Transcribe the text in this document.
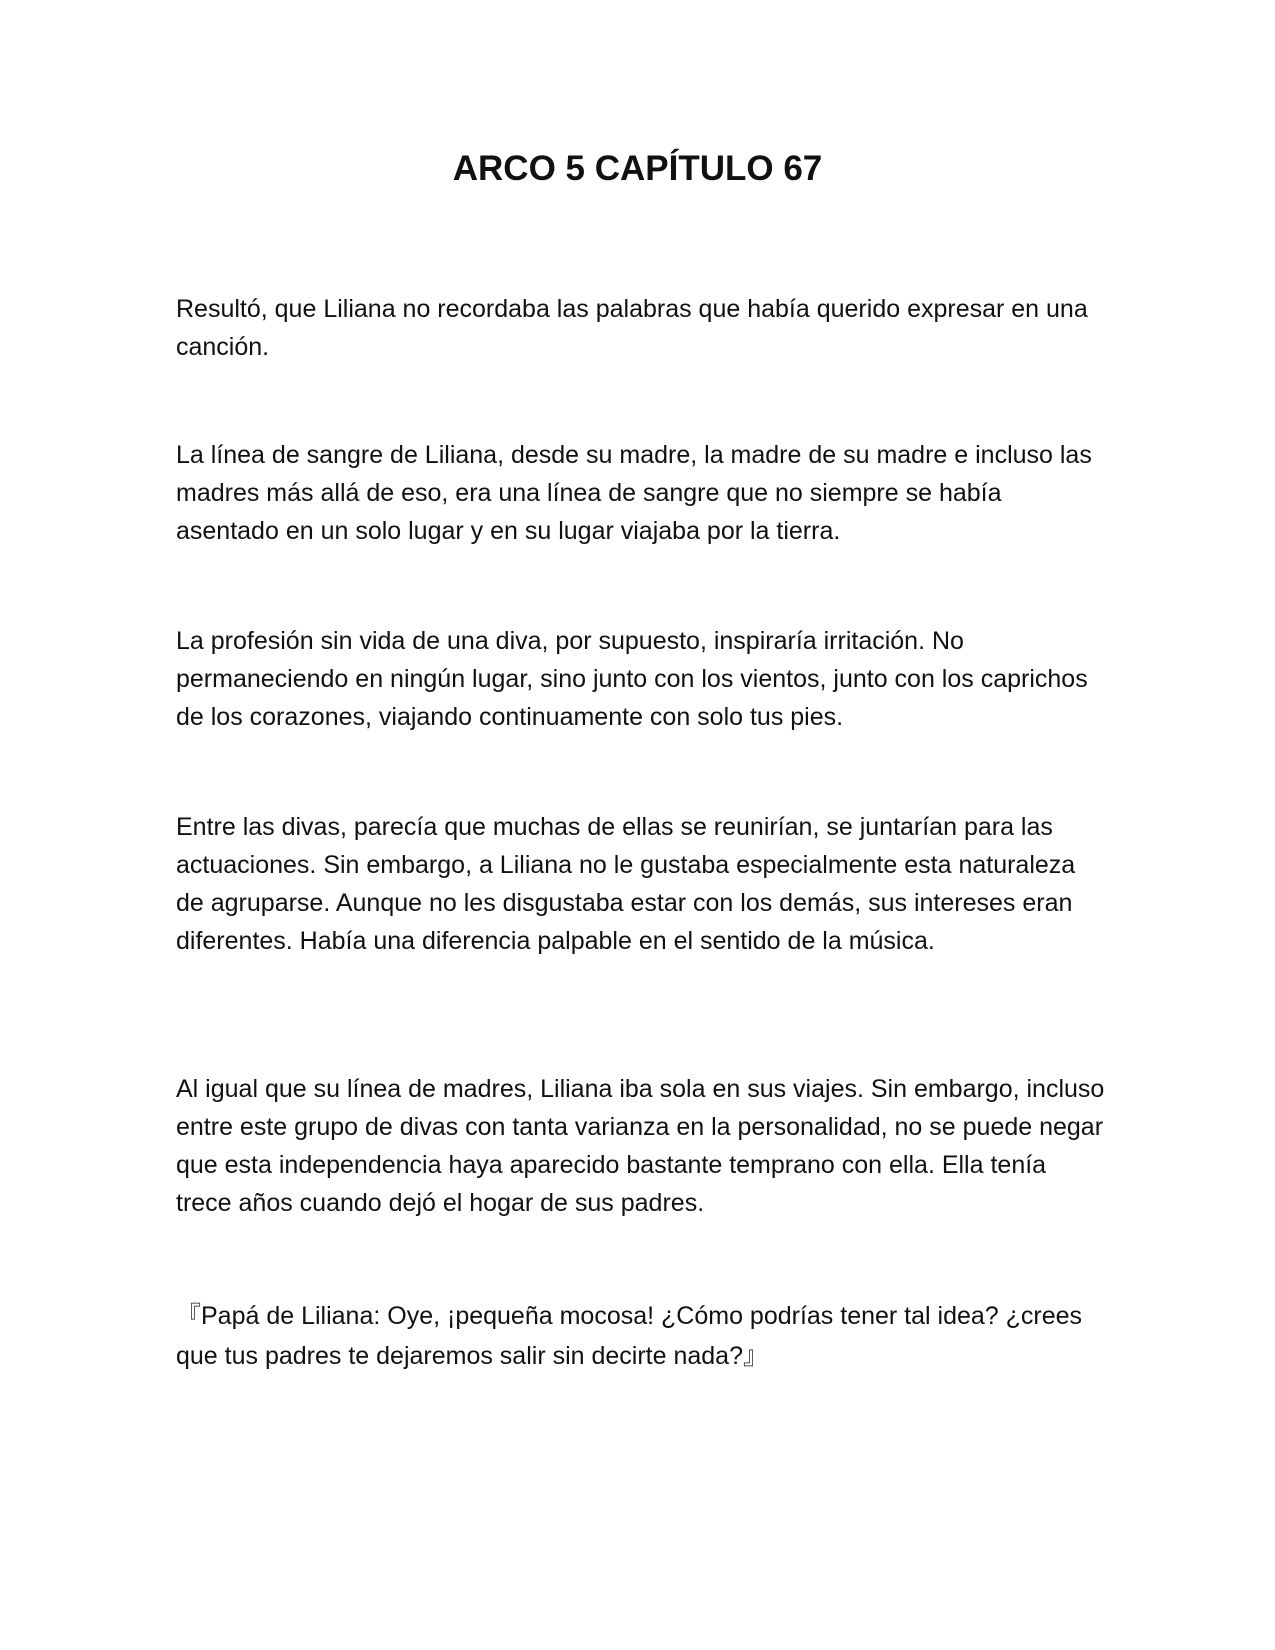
ARCO 5 CAPÍTULO 67

Resultó, que Liliana no recordaba las palabras que había querido expresar en una canción.

La línea de sangre de Liliana, desde su madre, la madre de su madre e incluso las madres más allá de eso, era una línea de sangre que no siempre se había asentado en un solo lugar y en su lugar viajaba por la tierra.

La profesión sin vida de una diva, por supuesto, inspiraría irritación. No permaneciendo en ningún lugar, sino junto con los vientos, junto con los caprichos de los corazones, viajando continuamente con solo tus pies.

Entre las divas, parecía que muchas de ellas se reunirían, se juntarían para las actuaciones. Sin embargo, a Liliana no le gustaba especialmente esta naturaleza de agruparse. Aunque no les disgustaba estar con los demás, sus intereses eran diferentes. Había una diferencia palpable en el sentido de la música.

Al igual que su línea de madres, Liliana iba sola en sus viajes. Sin embargo, incluso entre este grupo de divas con tanta varianza en la personalidad, no se puede negar que esta independencia haya aparecido bastante temprano con ella. Ella tenía trece años cuando dejó el hogar de sus padres.

『Papá de Liliana: Oye, ¡pequeña mocosa! ¿Cómo podrías tener tal idea? ¿crees que tus padres te dejaremos salir sin decirte nada?』
